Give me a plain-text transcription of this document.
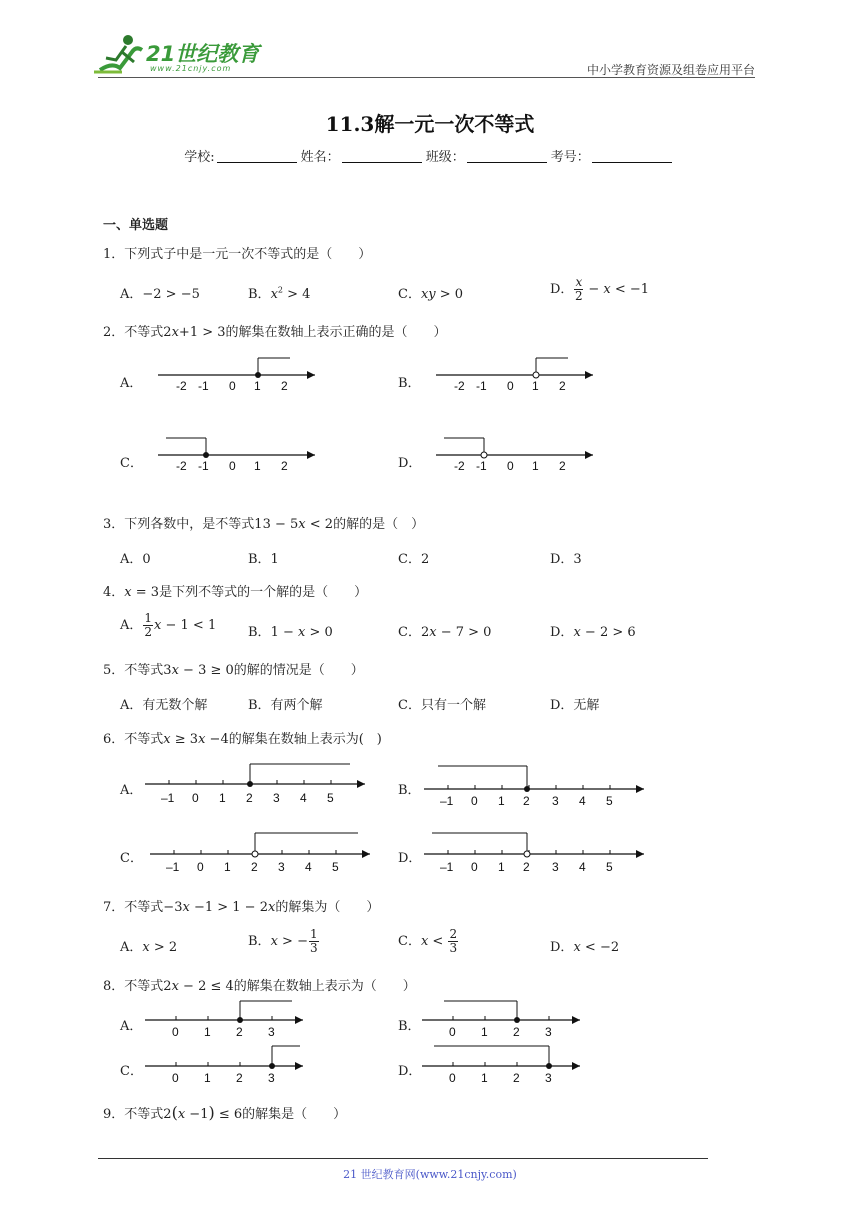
21世纪教育
www.21cnjy.com	中小学教育资源及组卷应用平台
11.3解一元一次不等式
学校:	姓名：	班级：	考号：
一、单选题
1．下列式子中是一元一次不等式的是（　　）
A．−2 > −5	B．$x^2 > 4$	C．xy > 0	D． $\frac{x}{2} - x < -1$
2．不等式2x+1 > 3的解集在数轴上表示正确的是（　　）
A．	B．
C．	D．
-2 -1 0 1 2	-2 -1 0 1 2
-2 -1 0 1 2	-2 -1 0 1 2
3．下列各数中，是不等式13 − 5x < 2的解的是（　）
A．0	B．1	C．2	D．3
4．x = 3是下列不等式的一个解的是（　　）
A． $\frac{1}{2}$ x − 1 < 1 B．1 − x > 0	C．2x − 7 > 0	D．x − 2 > 6
5．不等式3x − 3 ≥ 0的解的情况是（　　）
A．有无数个解	B．有两个解	C．只有一个解	D．无解
6．不等式x ≥ 3x −4的解集在数轴上表示为(　)
A．	B．
C．	D．
–1 0 1 2 3 4 5	–1 0 1 2 3 4 5
–1 0 1 2 3 4 5	–1 0 1 2 3 4 5
7．不等式−3x −1 > 1 − 2x的解集为（　　）
A．x > 2	B．x > − $\frac{1}{3}$	C．$x < \frac{2}{3}$	D．x < −2
8．不等式2x − 2 ≤ 4的解集在数轴上表示为（　　）
A．	B．
C．	D．
0 1 2 3	0 1 2 3
0 1 2 3	0 1 2 3
9．不等式2(x −1) ≤ 6的解集是（　　）
21 世纪教育网(www.21cnjy.com)
